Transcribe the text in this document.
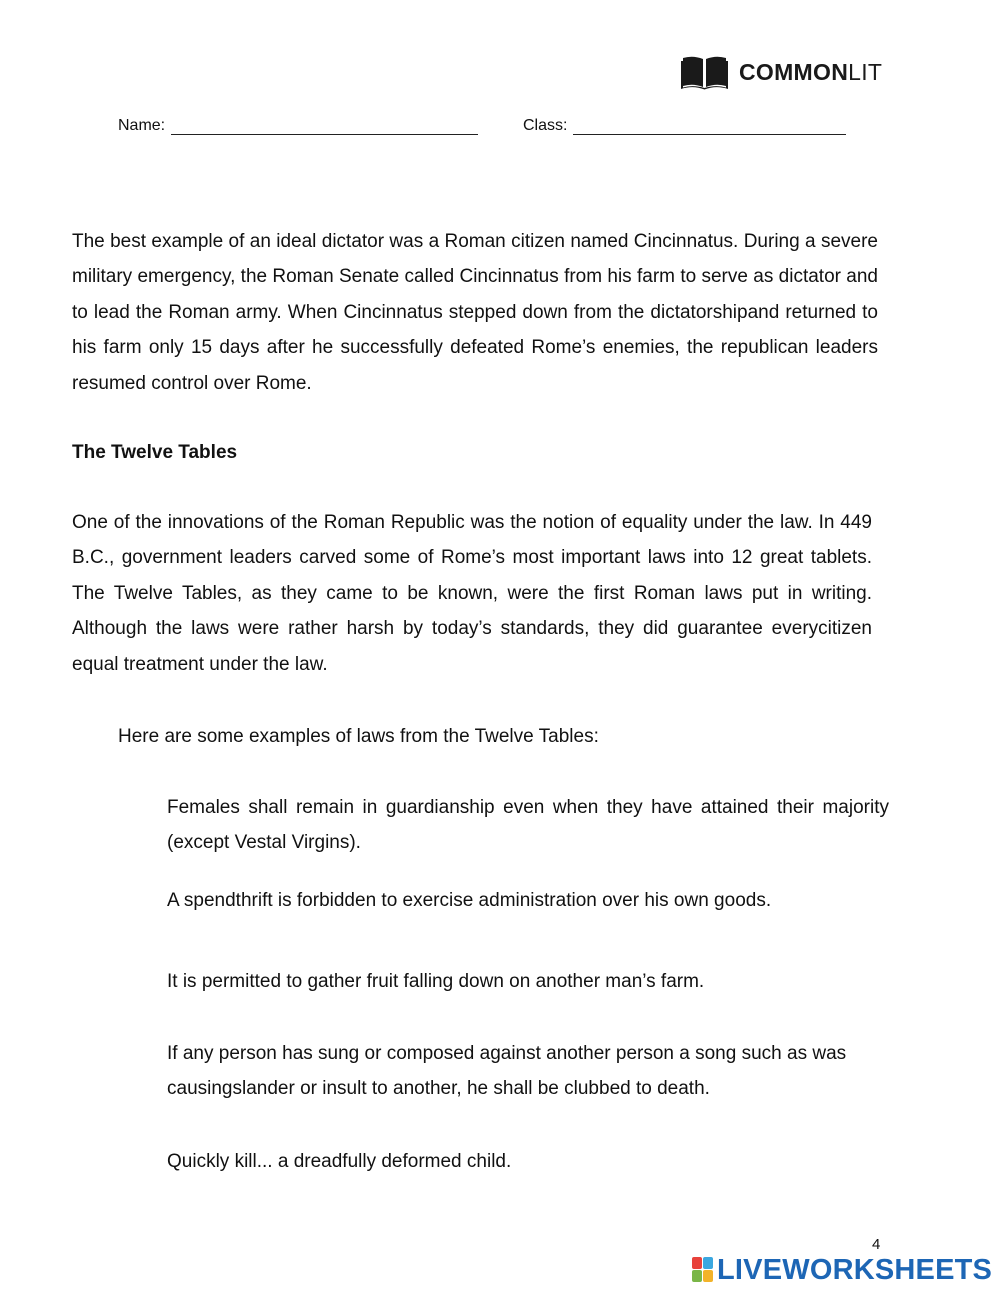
COMMONLIT
Name:	Class:

The best example of an ideal dictator was a Roman citizen named Cincinnatus. During a severe military emergency, the Roman Senate called Cincinnatus from his farm to serve as dictator and to lead the Roman army. When Cincinnatus stepped down from the dictatorshipand returned to his farm only 15 days after he successfully defeated Rome’s enemies, the republican leaders resumed control over Rome.

The Twelve Tables

One of the innovations of the Roman Republic was the notion of equality under the law. In 449 B.C., government leaders carved some of Rome’s most important laws into 12 great tablets. The Twelve Tables, as they came to be known, were the first Roman laws put in writing. Although the laws were rather harsh by today’s standards, they did guarantee everycitizen equal treatment under the law.

Here are some examples of laws from the Twelve Tables:

Females shall remain in guardianship even when they have attained their majority (except Vestal Virgins).

A spendthrift is forbidden to exercise administration over his own goods.

It is permitted to gather fruit falling down on another man’s farm.

If any person has sung or composed against another person a song such as was causingslander or insult to another, he shall be clubbed to death.

Quickly kill... a dreadfully deformed child.

4
LIVEWORKSHEETS
